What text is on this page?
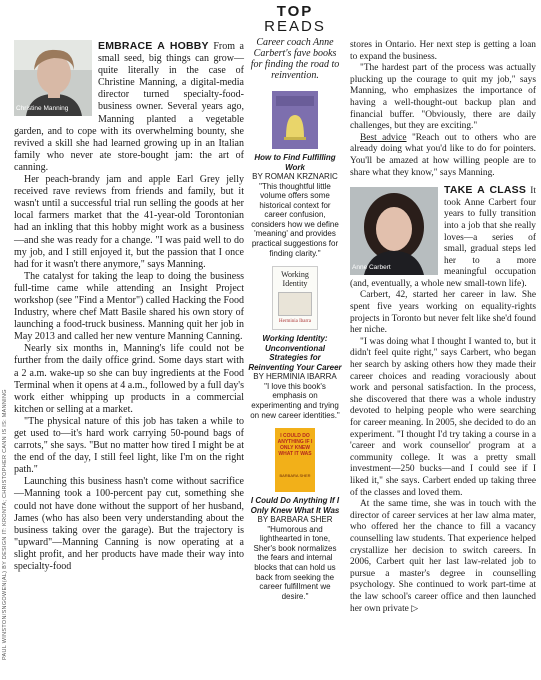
PAUL WINSTON/SNGOWEN(AL) BY DESIGN IT: KRONTA; CHRISTOPHER CANN IS IS: MANNING
Christine Manning

EMBRACE A HOBBY From a small seed, big things can grow—quite literally in the case of Christine Manning, a digital-media director turned specialty-food-business owner. Several years ago, Manning planted a vegetable garden, and to cope with its overwhelming bounty, she revived a skill she had learned growing up in an Italian family who never ate store-bought jam: the art of canning.

Her peach-brandy jam and apple Earl Grey jelly received rave reviews from friends and family, but it wasn't until a successful trial run selling the goods at her local farmers market that the 41-year-old Torontonian had an inkling that this hobby might work as a business—and she was ready for a change. "I was paid well to do my job, and I still enjoyed it, but the passion that I once had for it wasn't there anymore," says Manning.

The catalyst for taking the leap to doing the business full-time came while attending an Insight Project workshop (see "Find a Mentor") called Hacking the Food Industry, where chef Matt Basile shared his own story of launching a food-truck business. Manning quit her job in May 2013 and called her new venture Manning Canning.

Nearly six months in, Manning's life could not be further from the daily office grind. Some days start with a 2 a.m. wake-up so she can buy ingredients at the Food Terminal when it opens at 4 a.m., followed by a full day's work either whipping up products in a commercial kitchen or selling at a market.

"The physical nature of this job has taken a while to get used to—it's hard work carrying 50-pound bags of carrots," she says. "But no matter how tired I might be at the end of the day, I still feel light, like I'm on the right path."

Launching this business hasn't come without sacrifice—Manning took a 100-percent pay cut, something she could not have done without the support of her husband, James (who has also been very understanding about the business taking over the garage). But the trajectory is "upward"—Manning Canning is now operating at a slight profit, and her products have made their way into specialty-food

TOP
READS
Career coach Anne Carbert's fave books for finding the road to reinvention.
How to Find Fulfilling Work
BY ROMAN KRZNARIC
"This thoughtful little volume offers some historical context for career confusion, considers how we define 'meaning' and provides practical suggestions for finding clarity."
Working Identity
Herminia Ibarra
Working Identity: Unconventional Strategies for Reinventing Your Career
BY HERMINIA IBARRA
"I love this book's emphasis on experimenting and trying on new career identities."
I COULD DO ANYTHING IF I ONLY KNEW WHAT IT WAS
BARBARA SHER
I Could Do Anything If I Only Knew What It Was
BY BARBARA SHER
"Humorous and lighthearted in tone, Sher's book normalizes the fears and internal blocks that can hold us back from seeking the career fulfillment we desire."

stores in Ontario. Her next step is getting a loan to expand the business.

"The hardest part of the process was actually plucking up the courage to quit my job," says Manning, who emphasizes the importance of having a well-thought-out backup plan and financial buffer. "Obviously, there are daily challenges, but they are exciting."

Best advice "Reach out to others who are already doing what you'd like to do for pointers. You'll be amazed at how willing people are to share what they know," says Manning.

Anne Carbert
TAKE A CLASS It took Anne Carbert four years to fully transition into a job that she really loves—a series of small, gradual steps led her to a more meaningful occupation (and, eventually, a whole new small-town life).

Carbert, 42, started her career in law. She spent five years working on equality-rights projects in Toronto but never felt like she'd found her niche.

"I was doing what I thought I wanted to, but it didn't feel quite right," says Carbert, who began her search by asking others how they made their career choices and reading voraciously about work and personal satisfaction. In the process, she discovered that there was a whole industry devoted to helping people who were searching for career meaning. In 2005, she decided to do an experiment. "I thought I'd try taking a course in a 'career and work counsellor' program at a community college. It was a pretty small investment—250 bucks—and I could see if I liked it," she says. Carbert ended up taking three of the classes and loved them.

At the same time, she was in touch with the director of career services at her law alma mater, who offered her the chance to fill a vacancy counselling law students. That experience helped crystallize her decision to switch careers. In 2006, Carbert quit her last law-related job to pursue a master's degree in counselling psychology. She continued to work part-time at the law school's career office and then launched her own private ▷
